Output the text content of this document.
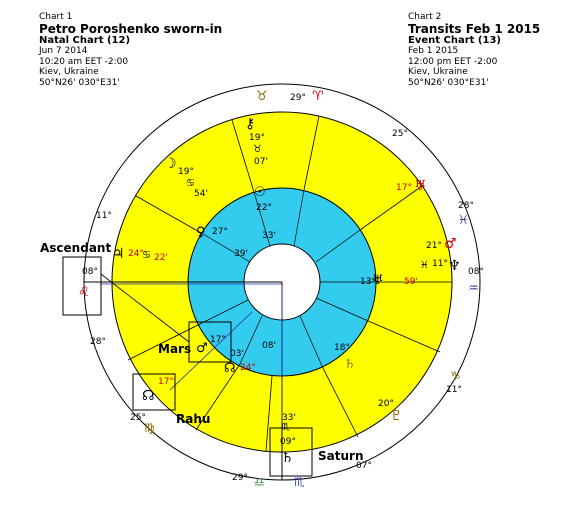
Chart 1
Petro Poroshenko sworn-in
Natal Chart (12)
Jun 7 2014
10:20 am EET -2:00
Kiev, Ukraine
50°N26' 030°E31'
Chart 2
Transits Feb 1 2015
Event Chart (13)
Feb 1 2015
12:00 pm EET -2:00
Kiev, Ukraine
50°N26' 030°E31'
Ascendant
Mars
Rahu
Saturn
29° ♈
♉
25°
11°
08°
♌
28°
25°
♍
29° ♎ ♏
07°
11°
♑
08°
♒
28°
♓
⚷
19°
♉
07'
☽ 19°
♋
54'
♃ 24°
♋ 22'
☊
17°
09°
♏
33'
♄
♇
20°
♆
11°
♓
59'
♂
21°
♅
17°
☉
22°
33'
♀ 27°
39'
♂
17°
03'
☊ 24°
08'	18°
♄
13°
♅
